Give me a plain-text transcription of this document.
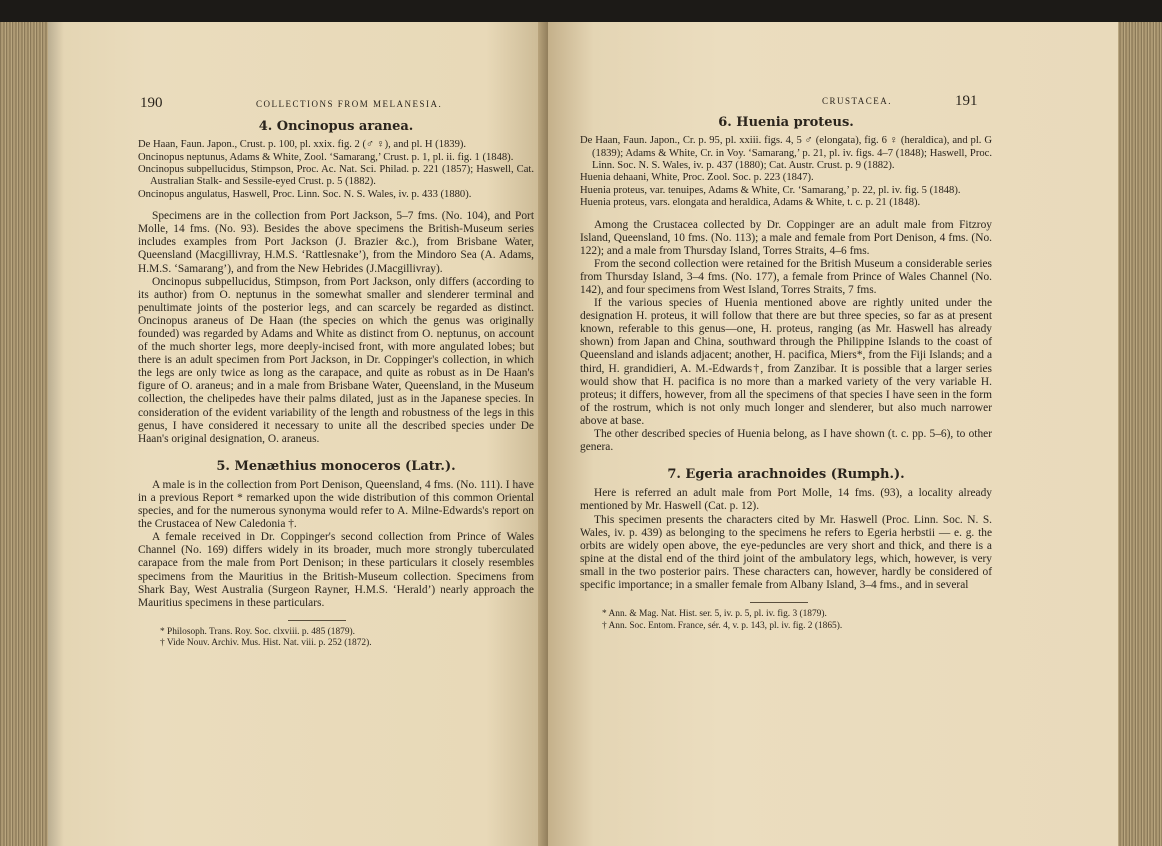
190	COLLECTIONS FROM MELANESIA.
4. Oncinopus aranea.

De Haan, Faun. Japon., Crust. p. 100, pl. xxix. fig. 2 (♂ ♀), and pl. H (1839).

Oncinopus neptunus, Adams & White, Zool. ‘Samarang,’ Crust. p. 1, pl. ii. fig. 1 (1848).

Oncinopus subpellucidus, Stimpson, Proc. Ac. Nat. Sci. Philad. p. 221 (1857); Haswell, Cat. Australian Stalk- and Sessile-eyed Crust. p. 5 (1882).

Oncinopus angulatus, Haswell, Proc. Linn. Soc. N. S. Wales, iv. p. 433 (1880).

Specimens are in the collection from Port Jackson, 5–7 fms. (No. 104), and Port Molle, 14 fms. (No. 93). Besides the above specimens the British-Museum series includes examples from Port Jackson (J. Brazier &c.), from Brisbane Water, Queensland (Macgillivray, H.M.S. ‘Rattlesnake’), from the Mindoro Sea (A. Adams, H.M.S. ‘Samarang’), and from the New Hebrides (J.Macgillivray).

Oncinopus subpellucidus, Stimpson, from Port Jackson, only differs (according to its author) from O. neptunus in the somewhat smaller and slenderer terminal and penultimate joints of the posterior legs, and can scarcely be regarded as distinct. Oncinopus araneus of De Haan (the species on which the genus was originally founded) was regarded by Adams and White as distinct from O. neptunus, on account of the much shorter legs, more deeply-incised front, with more angulated lobes; but there is an adult specimen from Port Jackson, in Dr. Coppinger's collection, in which the legs are only twice as long as the carapace, and quite as robust as in De Haan's figure of O. araneus; and in a male from Brisbane Water, Queensland, in the Museum collection, the chelipedes have their palms dilated, just as in the Japanese species. In consideration of the evident variability of the length and robustness of the legs in this genus, I have considered it necessary to unite all the described species under De Haan's original designation, O. araneus.

5. Menæthius monoceros (Latr.).

A male is in the collection from Port Denison, Queensland, 4 fms. (No. 111). I have in a previous Report * remarked upon the wide distribution of this common Oriental species, and for the numerous synonyma would refer to A. Milne-Edwards's report on the Crustacea of New Caledonia †.

A female received in Dr. Coppinger's second collection from Prince of Wales Channel (No. 169) differs widely in its broader, much more strongly tuberculated carapace from the male from Port Denison; in these particulars it closely resembles specimens from the Mauritius in the British-Museum collection. Specimens from Shark Bay, West Australia (Surgeon Rayner, H.M.S. ‘Herald’) nearly approach the Mauritius specimens in these particulars.

* Philosoph. Trans. Roy. Soc. clxviii. p. 485 (1879).

† Vide Nouv. Archiv. Mus. Hist. Nat. viii. p. 252 (1872).

CRUSTACEA.	191
6. Huenia proteus.

De Haan, Faun. Japon., Cr. p. 95, pl. xxiii. figs. 4, 5 ♂ (elongata), fig. 6 ♀ (heraldica), and pl. G (1839); Adams & White, Cr. in Voy. ‘Samarang,’ p. 21, pl. iv. figs. 4–7 (1848); Haswell, Proc. Linn. Soc. N. S. Wales, iv. p. 437 (1880); Cat. Austr. Crust. p. 9 (1882).

Huenia dehaani, White, Proc. Zool. Soc. p. 223 (1847).

Huenia proteus, var. tenuipes, Adams & White, Cr. ‘Samarang,’ p. 22, pl. iv. fig. 5 (1848).

Huenia proteus, vars. elongata and heraldica, Adams & White, t. c. p. 21 (1848).

Among the Crustacea collected by Dr. Coppinger are an adult male from Fitzroy Island, Queensland, 10 fms. (No. 113); a male and female from Port Denison, 4 fms. (No. 122); and a male from Thursday Island, Torres Straits, 4–6 fms.

From the second collection were retained for the British Museum a considerable series from Thursday Island, 3–4 fms. (No. 177), a female from Prince of Wales Channel (No. 142), and four specimens from West Island, Torres Straits, 7 fms.

If the various species of Huenia mentioned above are rightly united under the designation H. proteus, it will follow that there are but three species, so far as at present known, referable to this genus—one, H. proteus, ranging (as Mr. Haswell has already shown) from Japan and China, southward through the Philippine Islands to the coast of Queensland and islands adjacent; another, H. pacifica, Miers*, from the Fiji Islands; and a third, H. grandidieri, A. M.-Edwards†, from Zanzibar. It is possible that a larger series would show that H. pacifica is no more than a marked variety of the very variable H. proteus; it differs, however, from all the specimens of that species I have seen in the form of the rostrum, which is not only much longer and slenderer, but also much narrower above at base.

The other described species of Huenia belong, as I have shown (t. c. pp. 5–6), to other genera.

7. Egeria arachnoides (Rumph.).

Here is referred an adult male from Port Molle, 14 fms. (93), a locality already mentioned by Mr. Haswell (Cat. p. 12).

This specimen presents the characters cited by Mr. Haswell (Proc. Linn. Soc. N. S. Wales, iv. p. 439) as belonging to the specimens he refers to Egeria herbstii — e. g. the orbits are widely open above, the eye-peduncles are very short and thick, and there is a spine at the distal end of the third joint of the ambulatory legs, which, however, is very small in the two posterior pairs. These characters can, however, hardly be considered of specific importance; in a smaller female from Albany Island, 3–4 fms., and in several

* Ann. & Mag. Nat. Hist. ser. 5, iv. p. 5, pl. iv. fig. 3 (1879).

† Ann. Soc. Entom. France, sér. 4, v. p. 143, pl. iv. fig. 2 (1865).
